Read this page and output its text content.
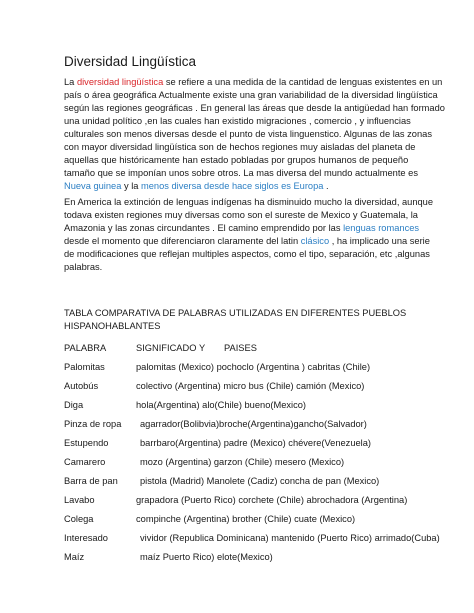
Diversidad Lingüística

La diversidad lingüística se refiere a una medida de la cantidad de lenguas existentes en un
país o área geográfica Actualmente existe una gran variabilidad de la diversidad lingüística
según las regiones geográficas . En general las áreas que desde la antigüedad han formado
una unidad político ,en las cuales han existido migraciones , comercio , y influencias
culturales son menos diversas desde el punto de vista linguenstico. Algunas de las zonas
con mayor diversidad lingüística son de hechos regiones muy aisladas del planeta de
aquellas que históricamente han estado pobladas por grupos humanos de pequeño
tamaño que se imponían unos sobre otros. La mas diversa del mundo actualmente es
Nueva guinea y la menos diversa desde hace siglos es Europa .

En America la extinción de lenguas indígenas ha disminuido mucho la diversidad, aunque
todava existen regiones muy diversas como son el sureste de Mexico y Guatemala, la
Amazonia y las zonas circundantes . El camino emprendido por las lenguas romances
desde el momento que diferenciaron claramente del latin clásico , ha implicado una serie
de modificaciones que reflejan multiples aspectos, como el tipo, separación, etc ,algunas
palabras.

TABLA COMPARATIVA DE PALABRAS UTILIZADAS EN DIFERENTES PUEBLOS
HISPANOHABLANTES
PALABRA	SIGNIFICADO Y PAISES
Palomitas	palomitas (Mexico) pochoclo (Argentina ) cabritas (Chile)
Autobús	colectivo (Argentina) micro bus (Chile) camión (Mexico)
Diga	hola(Argentina) alo(Chile) bueno(Mexico)
Pinza de ropa agarrador(Bolibvia)broche(Argentina)gancho(Salvador)
Estupendo	barrbaro(Argentina) padre (Mexico) chévere(Venezuela)
Camarero	mozo (Argentina) garzon (Chile) mesero (Mexico)
Barra de pan pistola (Madrid) Manolete (Cadiz) concha de pan (Mexico)
Lavabo	grapadora (Puerto Rico) corchete (Chile) abrochadora (Argentina)
Colega	compinche (Argentina) brother (Chile) cuate (Mexico)
Interesado	vividor (Republica Dominicana) mantenido (Puerto Rico) arrimado(Cuba)
Maíz	maíz Puerto Rico) elote(Mexico)
